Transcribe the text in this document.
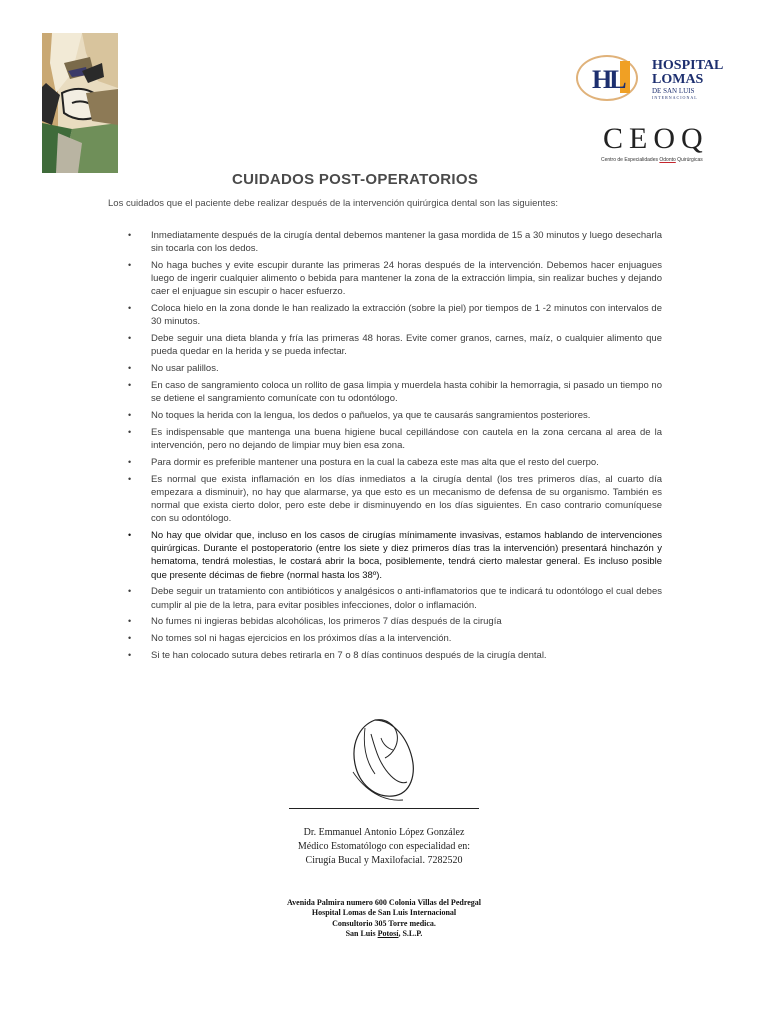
HL HOSPITAL
LOMAS
DE SAN LUIS
INTERNACIONAL
CEOQ
Centro de Especialidades Odonto Quirúrgicas
CUIDADOS POST-OPERATORIOS
Los cuidados que el paciente debe realizar después de la intervención quirúrgica dental son las siguientes:
• Inmediatamente después de la cirugía dental debemos mantener la gasa mordida de 15 a 30 minutos y luego desecharla sin tocarla con los dedos.
• No haga buches y evite escupir durante las primeras 24 horas después de la intervención. Debemos hacer enjuagues luego de ingerir cualquier alimento o bebida para mantener la zona de la extracción limpia, sin realizar buches y dejando caer el enjuague sin escupir o hacer esfuerzo.
• Coloca hielo en la zona donde le han realizado la extracción (sobre la piel) por tiempos de 1 -2 minutos con intervalos de 30 minutos.
• Debe seguir una dieta blanda y fría las primeras 48 horas. Evite comer granos, carnes, maíz, o cualquier alimento que pueda quedar en la herida y se pueda infectar.
• No usar palillos.
• En caso de sangramiento coloca un rollito de gasa limpia y muerdela hasta cohibir la hemorragia, si pasado un tiempo no se detiene el sangramiento comunícate con tu odontólogo.
• No toques la herida con la lengua, los dedos o pañuelos, ya que te causarás sangramientos posteriores.
• Es indispensable que mantenga una buena higiene bucal cepillándose con cautela en la zona cercana al area de la intervención, pero no dejando de limpiar muy bien esa zona.
• Para dormir es preferible mantener una postura en la cual la cabeza este mas alta que el resto del cuerpo.
• Es normal que exista inflamación en los días inmediatos a la cirugía dental (los tres primeros días, al cuarto día empezara a disminuir), no hay que alarmarse, ya que esto es un mecanismo de defensa de su organismo. También es normal que exista cierto dolor, pero este debe ir disminuyendo en los días siguientes. En caso contrario comuníquese con su odontólogo.
• No hay que olvidar que, incluso en los casos de cirugías mínimamente invasivas, estamos hablando de intervenciones quirúrgicas. Durante el postoperatorio (entre los siete y diez primeros días tras la intervención) presentará hinchazón y hematoma, tendrá molestias, le costará abrir la boca, posiblemente, tendrá cierto malestar general. Es incluso posible que presente décimas de fiebre (normal hasta los 38º).
• Debe seguir un tratamiento con antibióticos y analgésicos o anti-inflamatorios que te indicará tu odontólogo el cual debes cumplir al pie de la letra, para evitar posibles infecciones, dolor o inflamación.
• No fumes ni ingieras bebidas alcohólicas, los primeros 7 días después de la cirugía
• No tomes sol ni hagas ejercicios en los próximos días a la intervención.
• Si te han colocado sutura debes retirarla en 7 o 8 días continuos después de la cirugía dental.
Dr. Emmanuel Antonio López González
Médico Estomatólogo con especialidad en:
Cirugía Bucal y Maxilofacial. 7282520
Avenida Palmira numero 600 Colonia Villas del Pedregal
Hospital Lomas de San Luis Internacional
Consultorio 305 Torre medica.
San Luis Potosí, S.L.P.
